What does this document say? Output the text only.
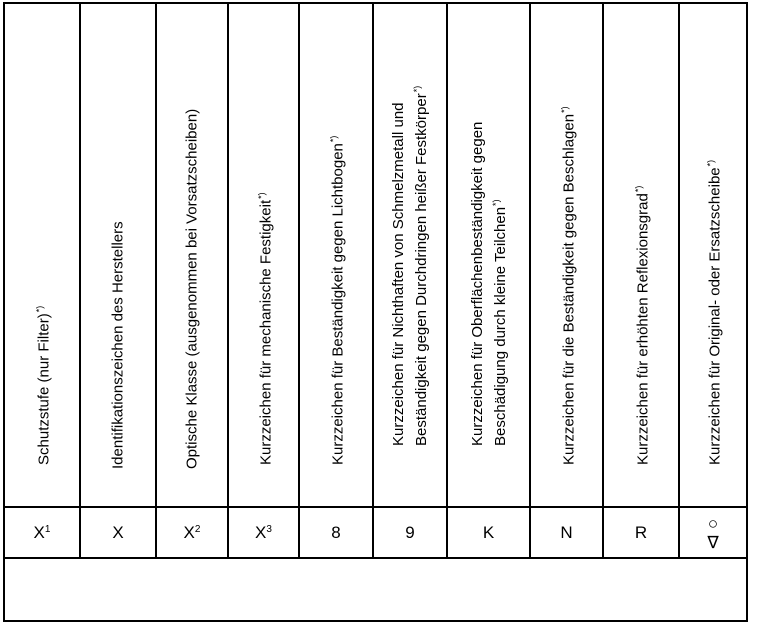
Schutzstufe (nur Filter)*)
$X^1$
Identifikationszeichen des Herstellers
X
Optische Klasse (ausgenommen bei Vorsatzscheiben)
$X^2$
Kurzzeichen für mechanische Festigkeit*)
$X^3$
Kurzzeichen für Beständigkeit gegen Lichtbogen*)
8
Kurzzeichen für Nichthaften von Schmelzmetall und Beständigkeit gegen Durchdringen heißer Festkörper*)
9
Kurzzeichen für Oberflächenbeständigkeit gegen Beschädigung durch kleine Teilchen*)
K
Kurzzeichen für die Beständigkeit gegen Beschlagen*)
N
Kurzzeichen für erhöhten Reflexionsgrad*)
R
Kurzzeichen für Original- oder Ersatzscheibe*)
○
∇
